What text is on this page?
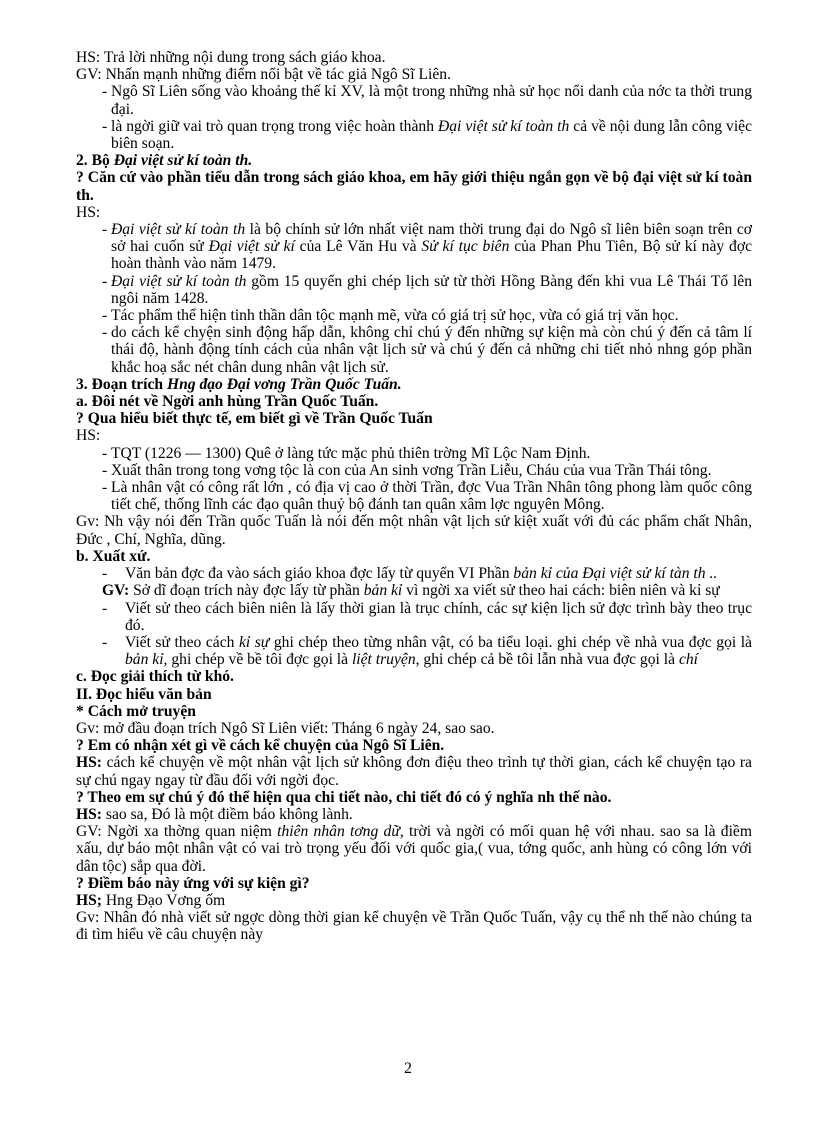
HS: Trả lời những nội dung trong sách giáo khoa.

GV: Nhấn mạnh những điểm nổi bật về tác giả Ngô Sĩ Liên.

- Ngô Sĩ Liên sống vào khoảng thế kỉ XV, là một trong những nhà sử học nổi danh của nớc ta thời trung đại.
- là ngời giữ vai trò quan trọng trong việc hoàn thành Đại việt sử kí toàn th cả về nội dung lẫn công việc biên soạn.

2. Bộ Đại việt sử kí toàn th.

? Căn cứ vào phần tiểu dẫn trong sách giáo khoa, em hãy giới thiệu ngắn gọn về bộ đại việt sử kí toàn th.

HS:

- Đại việt sử kí toàn th là bộ chính sử lớn nhất việt nam thời trung đại do Ngô sĩ liên biên soạn trên cơ sở hai cuốn sử Đại việt sử kí của Lê Văn Hu và Sử kí tục biên của Phan Phu Tiên, Bộ sử kí này đợc hoàn thành vào năm 1479.
- Đại việt sử kí toàn th gồm 15 quyển ghi chép lịch sử từ thời Hồng Bàng đến khi vua Lê Thái Tổ lên ngôi năm 1428.
- Tác phẩm thể hiện tinh thần dân tộc mạnh mẽ, vừa có giá trị sử học, vừa có giá trị văn học.
- do cách kể chyện sinh động hấp dẫn, không chỉ chú ý đến những sự kiện mà còn chú ý đến cả tâm lí thái độ, hành động tính cách của nhân vật lịch sử và chú ý đến cả những chi tiết nhỏ nhng góp phần khắc hoạ sắc nét chân dung nhân vật lịch sử.

3. Đoạn trích Hng đạo Đại vơng Trần Quốc Tuấn.

a. Đôi nét về Ngời anh hùng Trần Quốc Tuấn.

? Qua hiểu biết thực tế, em biết gì về Trần Quốc Tuấn

HS:

- TQT (1226 — 1300) Quê ở làng tức mặc phủ thiên trờng Mĩ Lộc Nam Định.
- Xuất thân trong tong vơng tộc là con của An sinh vơng Trần Liễu, Cháu của vua Trần Thái tông.
- Là nhân vật có công rất lớn , có địa vị cao ở thời Trần, đợc Vua Trần Nhân tông phong làm quốc công tiết chế, thống lĩnh các đạo quân thuỷ bộ đánh tan quân xâm lợc nguyên Mông.

Gv: Nh vậy nói đến Trần quốc Tuấn là nói đến một nhân vật lịch sử kiệt xuất với đủ các phẩm chất Nhân, Đức , Chí, Nghĩa, dũng.

b. Xuất xứ.

- Văn bản đợc đa vào sách giáo khoa đợc lấy từ quyển VI Phần bản kỉ của Đại việt sử kí tàn th ..
GV: Sở dĩ đoạn trích này đợc lấy từ phần bản kỉ vì ngời xa viết sử theo hai cách: biên niên và kỉ sự
- Viết sử theo cách biên niên là lấy thời gian là trục chính, các sự kiện lịch sử đợc trình bày theo trục đó.
- Viết sử theo cách kỉ sự ghi chép theo từng nhân vật, có ba tiểu loại. ghi chép về nhà vua đợc gọi là bản kỉ, ghi chép về bề tôi đợc gọi là liệt truyện, ghi chép cả bề tôi lẫn nhà vua đợc gọi là chí

c. Đọc giải thích từ khó.

II. Đọc hiểu văn bản

* Cách mở truyện

Gv: mở đầu đoạn trích Ngô Sĩ Liên viết: Tháng 6 ngày 24, sao sao.

? Em có nhận xét gì về cách kể chuyện của Ngô Sĩ Liên.

HS: cách kể chuyện về một nhân vật lịch sử không đơn điệu theo trình tự thời gian, cách kể chuyện tạo ra sự chú ngay ngay từ đầu đối với ngời đọc.

? Theo em sự chú ý đó thể hiện qua chi tiết nào, chi tiết đó có ý nghĩa nh thế nào.

HS: sao sa, Đó là một điềm báo không lành.
GV: Ngời xa thờng quan niệm thiên nhân tơng dữ, trời và ngời có mối quan hệ với nhau. sao sa là điềm xấu, dự báo một nhân vật có vai trò trọng yếu đối với quốc gia,( vua, tớng quốc, anh hùng có công lớn với dân tộc) sắp qua đời.

? Điềm báo này ứng với sự kiện gì?

HS; Hng Đạo Vơng ốm

Gv: Nhân đó nhà viết sử ngợc dòng thời gian kể chuyện về Trần Quốc Tuấn, vậy cụ thể nh thế nào chúng ta đi tìm hiểu về câu chuyện này

2
